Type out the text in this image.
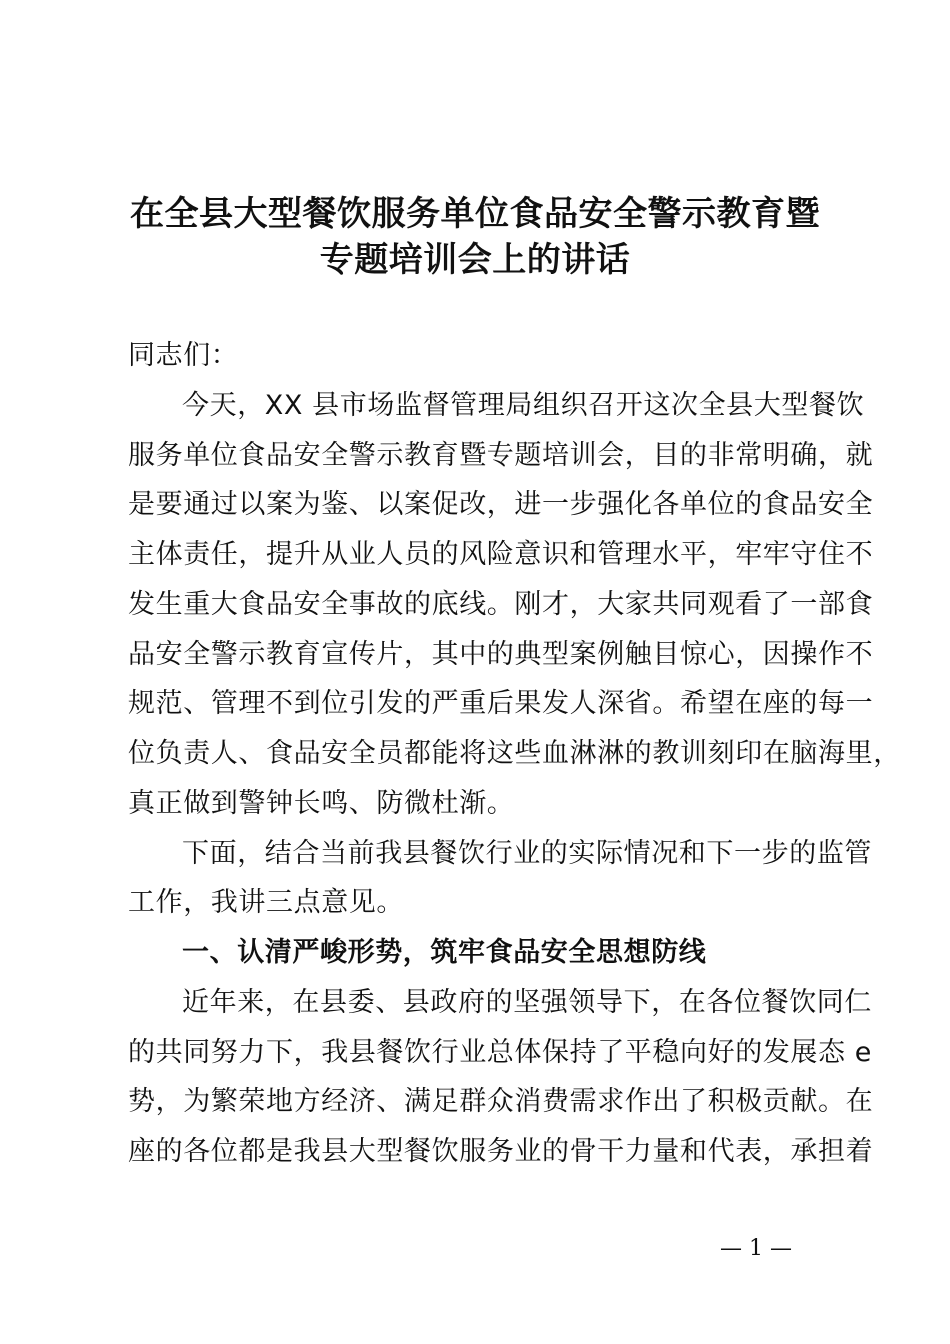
在全县大型餐饮服务单位食品安全警示教育暨
专题培训会上的讲话
同志们：
今天，XX 县市场监督管理局组织召开这次全县大型餐饮
服务单位食品安全警示教育暨专题培训会，目的非常明确，就
是要通过以案为鉴、以案促改，进一步强化各单位的食品安全
主体责任，提升从业人员的风险意识和管理水平，牢牢守住不
发生重大食品安全事故的底线。刚才，大家共同观看了一部食
品安全警示教育宣传片，其中的典型案例触目惊心，因操作不
规范、管理不到位引发的严重后果发人深省。希望在座的每一
位负责人、食品安全员都能将这些血淋淋的教训刻印在脑海里，
真正做到警钟长鸣、防微杜渐。
下面，结合当前我县餐饮行业的实际情况和下一步的监管
工作，我讲三点意见。
一、认清严峻形势，筑牢食品安全思想防线
近年来，在县委、县政府的坚强领导下，在各位餐饮同仁
的共同努力下，我县餐饮行业总体保持了平稳向好的发展态 e
势，为繁荣地方经济、满足群众消费需求作出了积极贡献。在
座的各位都是我县大型餐饮服务业的骨干力量和代表，承担着
— 1 —
